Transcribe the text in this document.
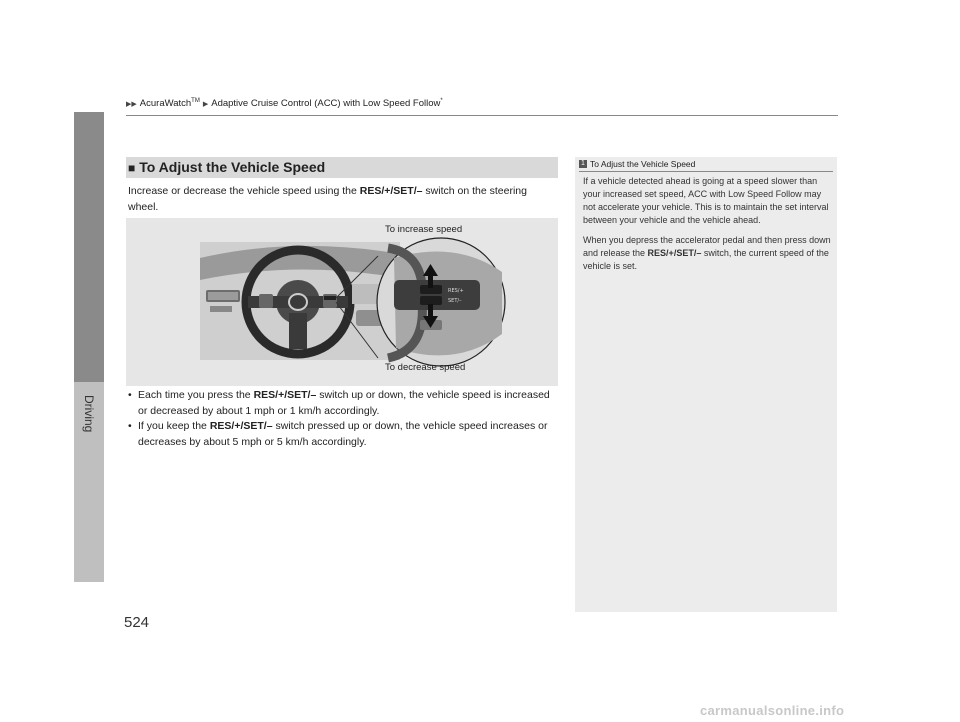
Driving
▶▶ AcuraWatch™ ▶ Adaptive Cruise Control (ACC) with Low Speed Follow*
■ To Adjust the Vehicle Speed
Increase or decrease the vehicle speed using the RES/+/SET/– switch on the steering wheel.
RES/+
SET/–
To increase speed
To decrease speed
• Each time you press the RES/+/SET/– switch up or down, the vehicle speed is increased or decreased by about 1 mph or 1 km/h accordingly.
• If you keep the RES/+/SET/– switch pressed up or down, the vehicle speed increases or decreases by about 5 mph or 5 km/h accordingly.
1 To Adjust the Vehicle Speed

If a vehicle detected ahead is going at a speed slower than your increased set speed, ACC with Low Speed Follow may not accelerate your vehicle. This is to maintain the set interval between your vehicle and the vehicle ahead.

When you depress the accelerator pedal and then press down and release the RES/+/SET/– switch, the current speed of the vehicle is set.

524
carmanualsonline.info
